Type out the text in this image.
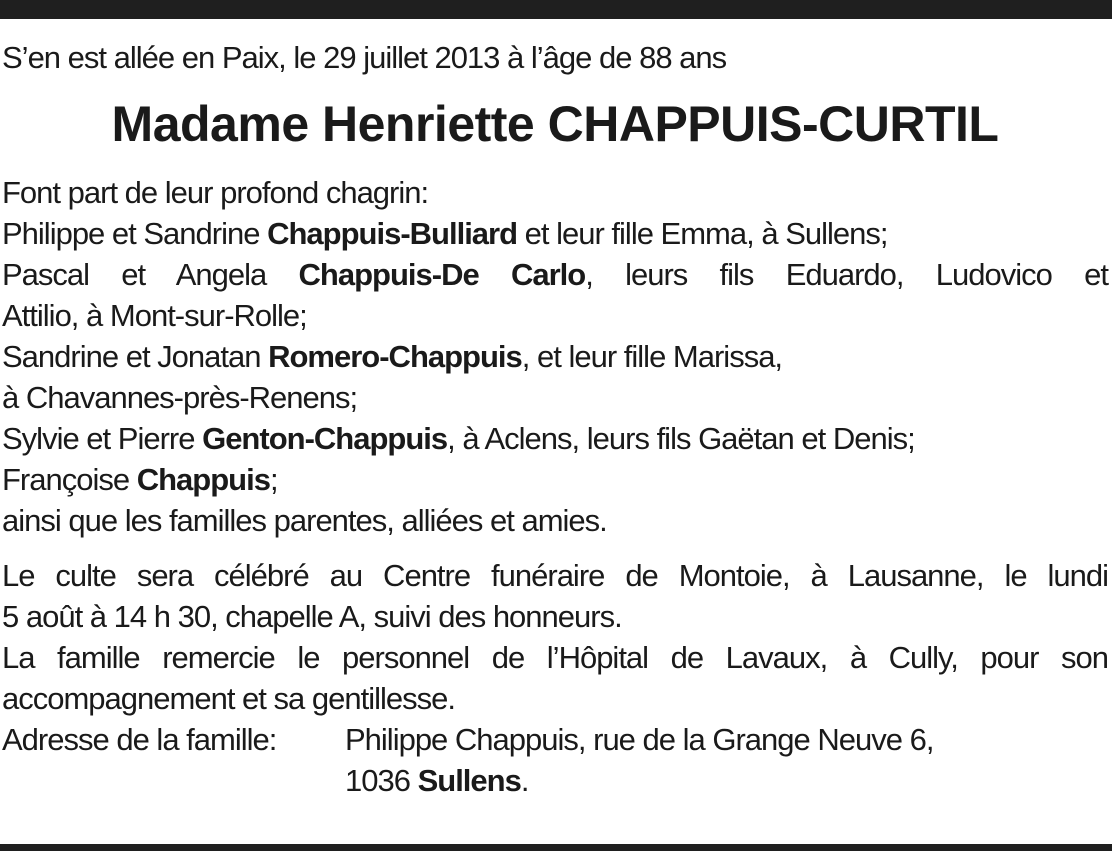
S’en est allée en Paix, le 29 juillet 2013 à l’âge de 88 ans
Madame Henriette CHAPPUIS-CURTIL
Font part de leur profond chagrin:
Philippe et Sandrine Chappuis-Bulliard et leur fille Emma, à Sullens;
Pascal et Angela Chappuis-De Carlo, leurs fils Eduardo, Ludovico et
Attilio, à Mont-sur-Rolle;
Sandrine et Jonatan Romero-Chappuis, et leur fille Marissa,
à Chavannes-près-Renens;
Sylvie et Pierre Genton-Chappuis, à Aclens, leurs fils Gaëtan et Denis;
Françoise Chappuis;
ainsi que les familles parentes, alliées et amies.
Le culte sera célébré au Centre funéraire de Montoie, à Lausanne, le lundi
5 août à 14 h 30, chapelle A, suivi des honneurs.
La famille remercie le personnel de l’Hôpital de Lavaux, à Cully, pour son
accompagnement et sa gentillesse.
Adresse de la famille:	Philippe Chappuis, rue de la Grange Neuve 6,
1036 Sullens.
